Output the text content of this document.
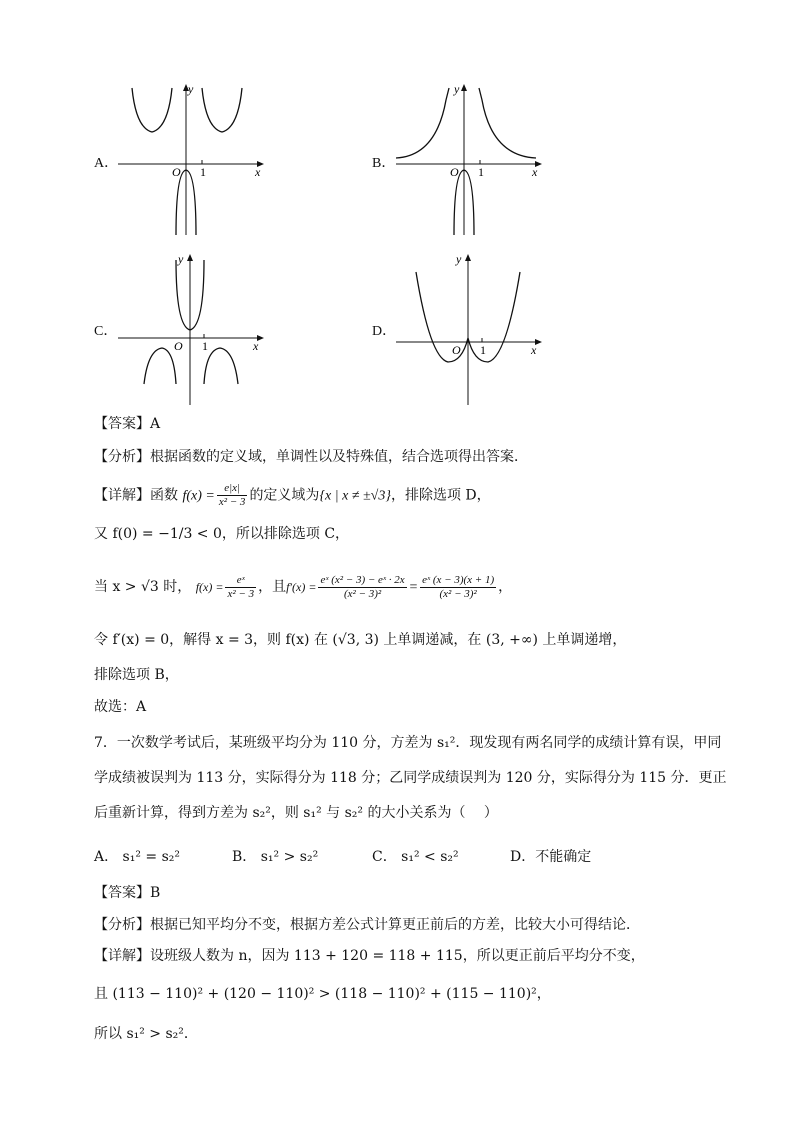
A．
O 1	x
y
B．
O 1	x
y
C．
O 1	x
y
D．
O 1	x
y
【答案】A
【分析】根据函数的定义域，单调性以及特殊值，结合选项得出答案．
【详解】函数 $f(x) = \frac{e|x|}{\text{x² − 3}}$ 的定义域为{x | x ≠ ±√3}，排除选项 D，
又 f(0) = −1/3 < 0，所以排除选项 C，
当 x > √3 时， $f(x) = \frac{\text{eˣ}}{\text{x² − 3}}$ ，且$f'(x) = \frac{\text{eˣ (x² − 3) − eˣ · 2x}}{\text{(x² − 3)²}} = \frac{\text{eˣ (x − 3)(x + 1)}}{\text{(x² − 3)²}}$ ，
令 f′(x) = 0，解得 x = 3，则 f(x) 在 (√3, 3) 上单调递减，在 (3, +∞) 上单调递增，
排除选项 B，
故选：A
7．一次数学考试后，某班级平均分为 110 分，方差为 s₁²．现发现有两名同学的成绩计算有误，甲同
学成绩被误判为 113 分，实际得分为 118 分；乙同学成绩误判为 120 分，实际得分为 115 分．更正
后重新计算，得到方差为 s₂²，则 s₁² 与 s₂² 的大小关系为（　 ）
A． s₁² = s₂²	B． s₁² > s₂²	C． s₁² < s₂²	D．不能确定
【答案】B
【分析】根据已知平均分不变，根据方差公式计算更正前后的方差，比较大小可得结论．
【详解】设班级人数为 n，因为 113 + 120 = 118 + 115，所以更正前后平均分不变，
且 (113 − 110)² + (120 − 110)² > (118 − 110)² + (115 − 110)²，
所以 s₁² > s₂²．
